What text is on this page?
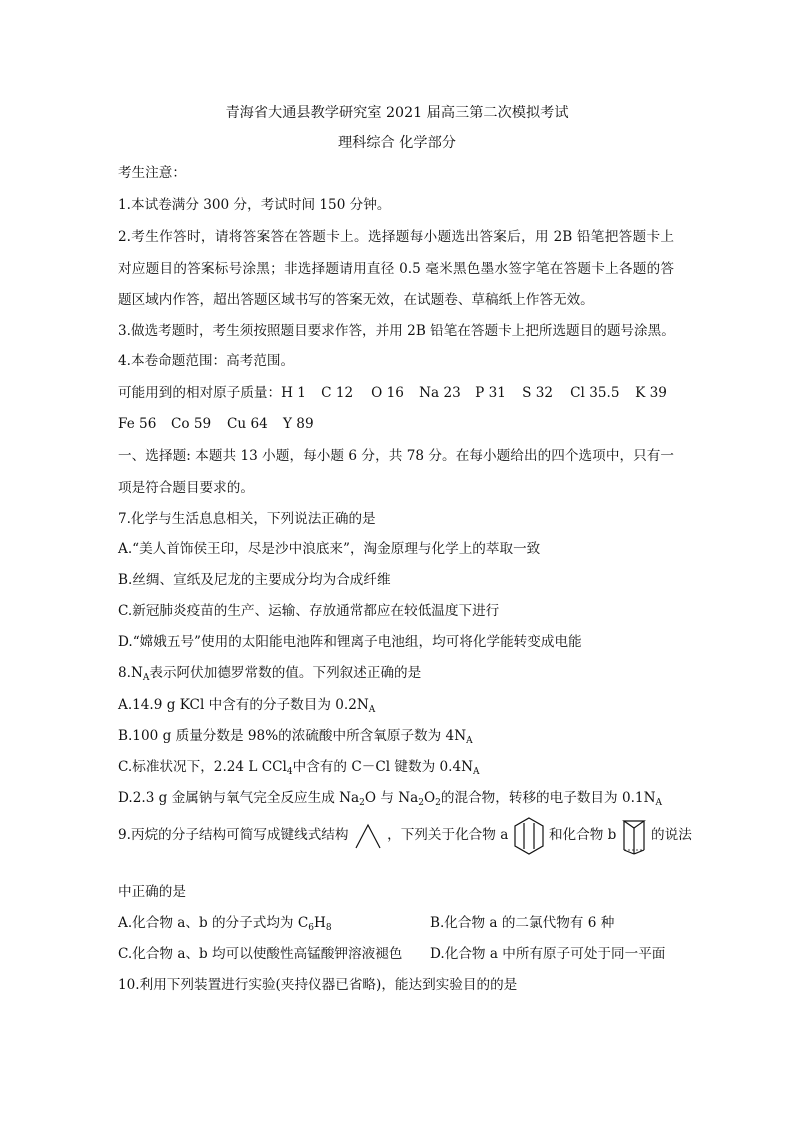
青海省大通县教学研究室 2021 届高三第二次模拟考试
理科综合 化学部分
考生注意：
1.本试卷满分 300 分，考试时间 150 分钟。
2.考生作答时，请将答案答在答题卡上。选择题每小题选出答案后，用 2B 铅笔把答题卡上
对应题目的答案标号涂黑；非选择题请用直径 0.5 毫米黑色墨水签字笔在答题卡上各题的答
题区域内作答，超出答题区域书写的答案无效，在试题卷、草稿纸上作答无效。
3.做选考题时，考生须按照题目要求作答，并用 2B 铅笔在答题卡上把所选题目的题号涂黑。
4.本卷命题范围：高考范围。
可能用到的相对原子质量：H 1 C 12 O 16 Na 23 P 31 S 32 Cl 35.5 K 39
Fe 56 Co 59 Cu 64 Y 89
一、选择题: 本题共 13 小题，每小题 6 分，共 78 分。在每小题给出的四个选项中，只有一
项是符合题目要求的。
7.化学与生活息息相关，下列说法正确的是
A.“美人首饰侯王印，尽是沙中浪底来”，淘金原理与化学上的萃取一致
B.丝绸、宣纸及尼龙的主要成分均为合成纤维
C.新冠肺炎疫苗的生产、运输、存放通常都应在较低温度下进行
D.“嫦娥五号”使用的太阳能电池阵和锂离子电池组，均可将化学能转变成电能
$8.N_A$表示阿伏加德罗常数的值。下列叙述正确的是
A.14.9 g KCl 中含有的分子数目为 $0.2N_A$
B.100 g 质量分数是 98%的浓硫酸中所含氧原子数为 $4N_A$
C.标准状况下，2.24 L CCl$_4$中含有的 C－Cl 键数为 $0.4N_A$
D.2.3 g 金属钠与氧气完全反应生成 $Na_2O$ 与 $Na_2O_2$的混合物，转移的电子数目为 $0.1N_A$
9.丙烷的分子结构可简写成键线式结构	，下列关于化合物 a	和化合物 b	的说法
中正确的是
A.化合物 a、b 的分子式均为 $C_6H_8$	B.化合物 a 的二氯代物有 6 种
C.化合物 a、b 均可以使酸性高锰酸钾溶液褪色 D.化合物 a 中所有原子可处于同一平面
10.利用下列装置进行实验(夹持仪器已省略)，能达到实验目的的是
